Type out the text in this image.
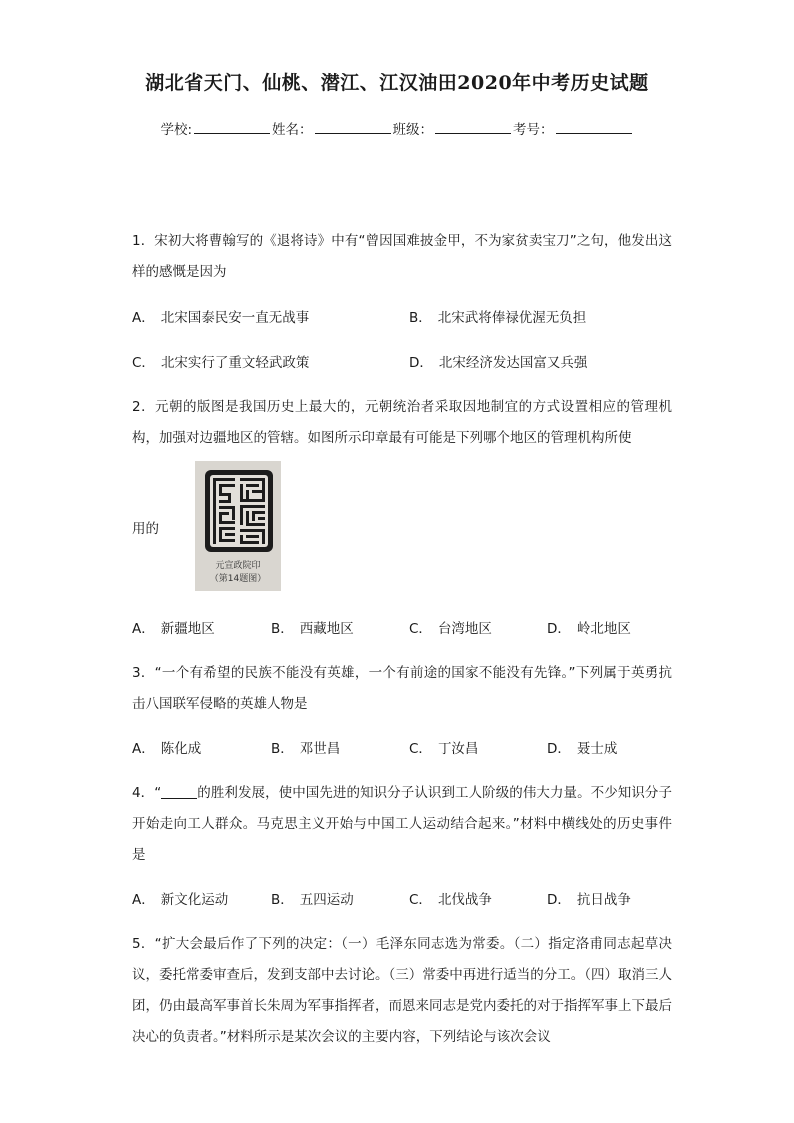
湖北省天门、仙桃、潜江、江汉油田2020年中考历史试题
学校:	姓名：	班级：	考号：
1．宋初大将曹翰写的《退将诗》中有“曾因国难披金甲，不为家贫卖宝刀”之句，他发出这样的感慨是因为
A． 北宋国泰民安一直无战事	B． 北宋武将俸禄优渥无负担
C． 北宋实行了重文轻武政策	D． 北宋经济发达国富又兵强
2．元朝的版图是我国历史上最大的，元朝统治者采取因地制宜的方式设置相应的管理机构，加强对边疆地区的管辖。如图所示印章最有可能是下列哪个地区的管理机构所使
用的
元宣政院印
（第14题图）
A． 新疆地区	B． 西藏地区	C． 台湾地区	D． 岭北地区
3．“一个有希望的民族不能没有英雄，一个有前途的国家不能没有先锋。”下列属于英勇抗击八国联军侵略的英雄人物是
A． 陈化成	B． 邓世昌	C． 丁汝昌	D． 聂士成
4．“	的胜利发展，使中国先进的知识分子认识到工人阶级的伟大力量。不少知识分子开始走向工人群众。马克思主义开始与中国工人运动结合起来。”材料中横线处的历史事件是
A． 新文化运动	B． 五四运动	C． 北伐战争	D． 抗日战争
5．“扩大会最后作了下列的决定：（一）毛泽东同志选为常委。（二）指定洛甫同志起草决议，委托常委审查后，发到支部中去讨论。（三）常委中再进行适当的分工。（四）取消三人团，仍由最高军事首长朱周为军事指挥者，而恩来同志是党内委托的对于指挥军事上下最后决心的负责者。”材料所示是某次会议的主要内容，下列结论与该次会议
